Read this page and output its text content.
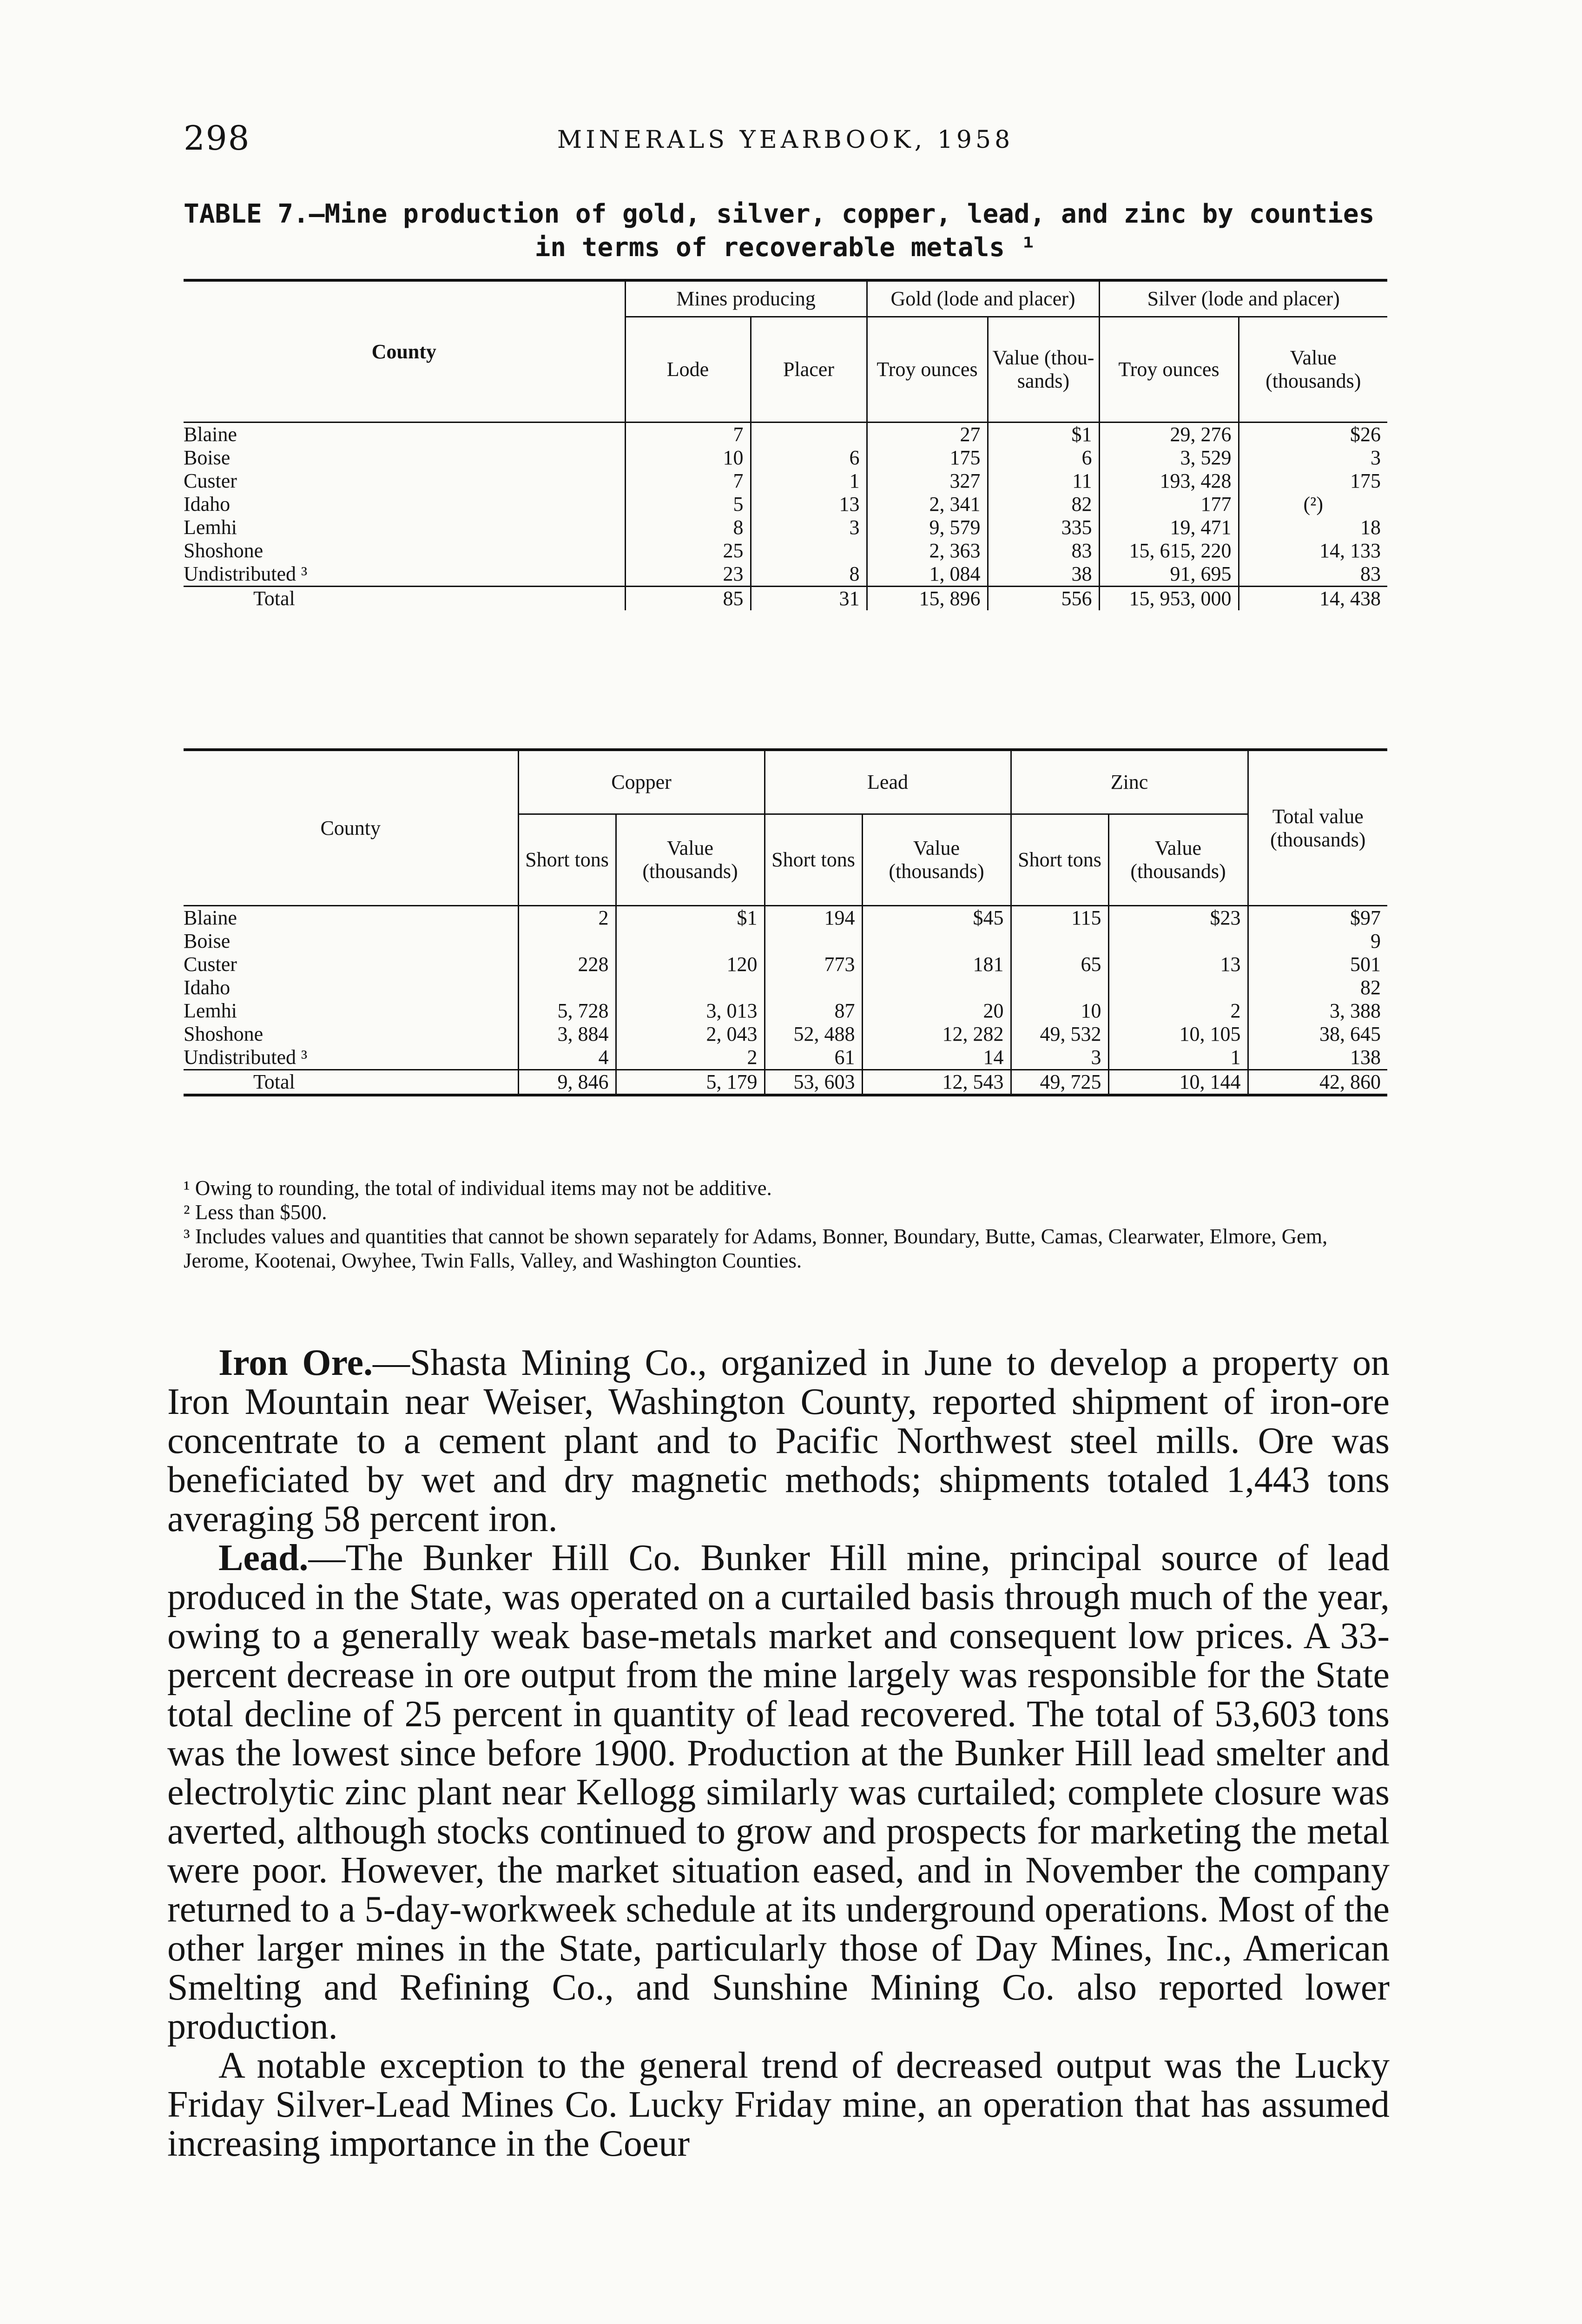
298	MINERALS YEARBOOK, 1958
TABLE 7.—Mine production of gold, silver, copper, lead, and zinc by counties
in terms of recoverable metals ¹
County	Mines producing		Gold (lode and placer)		Silver (lode and placer)	
	Lode	Placer	Troy ounces	Value (thou- sands)	Troy ounces	Value (thousands)
Blaine	7		27	$1	29, 276	$26
Boise	10	6	175	6	3, 529	3
Custer	7	1	327	11	193, 428	175
Idaho	5	13	2, 341	82	177	(²)
Lemhi	8	3	9, 579	335	19, 471	18
Shoshone	25		2, 363	83	15, 615, 220	14, 133
Undistributed ³	23	8	1, 084	38	91, 695	83
Total	85	31	15, 896	556	15, 953, 000	14, 438
County	Copper		Lead		Zinc		Total value (thousands)
	Short tons	Value (thousands)	Short tons	Value (thousands)	Short tons	Value (thousands)	
Blaine	2	$1	194	$45	115	$23	$97
Boise							9
Custer	228	120	773	181	65	13	501
Idaho							82
Lemhi	5, 728	3, 013	87	20	10	2	3, 388
Shoshone	3, 884	2, 043	52, 488	12, 282	49, 532	10, 105	38, 645
Undistributed ³	4	2	61	14	3	1	138
Total	9, 846	5, 179	53, 603	12, 543	49, 725	10, 144	42, 860

¹ Owing to rounding, the total of individual items may not be additive.

² Less than $500.

³ Includes values and quantities that cannot be shown separately for Adams, Bonner, Boundary, Butte, Camas, Clearwater, Elmore, Gem, Jerome, Kootenai, Owyhee, Twin Falls, Valley, and Washington Counties.

Iron Ore.—Shasta Mining Co., organized in June to develop a property on Iron Mountain near Weiser, Washington County, reported shipment of iron-ore concentrate to a cement plant and to Pacific Northwest steel mills. Ore was beneficiated by wet and dry magnetic methods; shipments totaled 1,443 tons averaging 58 percent iron.

Lead.—The Bunker Hill Co. Bunker Hill mine, principal source of lead produced in the State, was operated on a curtailed basis through much of the year, owing to a generally weak base-metals market and consequent low prices. A 33-percent decrease in ore output from the mine largely was responsible for the State total decline of 25 percent in quantity of lead recovered. The total of 53,603 tons was the lowest since before 1900. Production at the Bunker Hill lead smelter and electrolytic zinc plant near Kellogg similarly was curtailed; complete closure was averted, although stocks continued to grow and prospects for marketing the metal were poor. However, the market situation eased, and in November the company returned to a 5-day-workweek schedule at its underground operations. Most of the other larger mines in the State, particularly those of Day Mines, Inc., American Smelting and Refining Co., and Sunshine Mining Co. also reported lower production.

A notable exception to the general trend of decreased output was the Lucky Friday Silver-Lead Mines Co. Lucky Friday mine, an operation that has assumed increasing importance in the Coeur
